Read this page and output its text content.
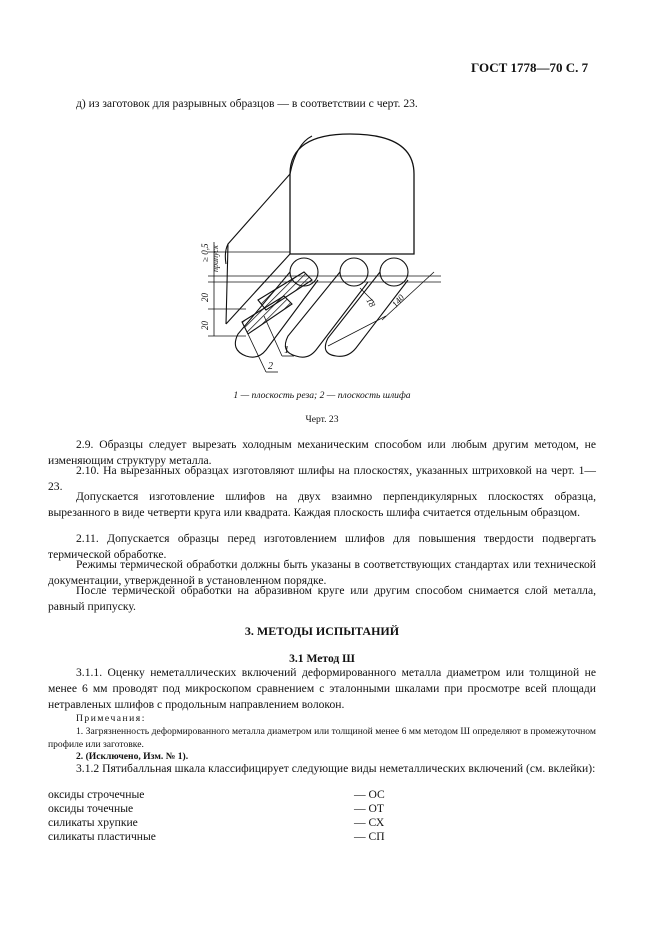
ГОСТ 1778—70 С. 7
д) из заготовок для разрывных образцов — в соответствии с черт. 23.
≥ 0,5 припуск
20
20
18 140
1
2
1 — плоскость реза; 2 — плоскость шлифа
Черт. 23
2.9. Образцы следует вырезать холодным механическим способом или любым другим методом, не изменяющим структуру металла.
2.10. На вырезанных образцах изготовляют шлифы на плоскостях, указанных штриховкой на черт. 1—23.
Допускается изготовление шлифов на двух взаимно перпендикулярных плоскостях образца, вырезанного в виде четверти круга или квадрата. Каждая плоскость шлифа считается отдельным образцом.
2.11. Допускается образцы перед изготовлением шлифов для повышения твердости подвергать термической обработке.
Режимы термической обработки должны быть указаны в соответствующих стандартах или технической документации, утвержденной в установленном порядке.
После термической обработки на абразивном круге или другим способом снимается слой металла, равный припуску.
3. МЕТОДЫ ИСПЫТАНИЙ
3.1 Метод Ш
3.1.1. Оценку неметаллических включений деформированного металла диаметром или толщиной не менее 6 мм проводят под микроскопом сравнением с эталонными шкалами при просмотре всей площади нетравленых шлифов с продольным направлением волокон.
Примечания:
1. Загрязненность деформированного металла диаметром или толщиной менее 6 мм методом Ш определяют в промежуточном профиле или заготовке.
2. (Исключено, Изм. № 1).
3.1.2 Пятибалльная шкала классифицирует следующие виды неметаллических включений (см. вклейки):
оксиды строчечные	— ОС
оксиды точечные	— ОТ
силикаты хрупкие	— СХ
силикаты пластичные	— СП
